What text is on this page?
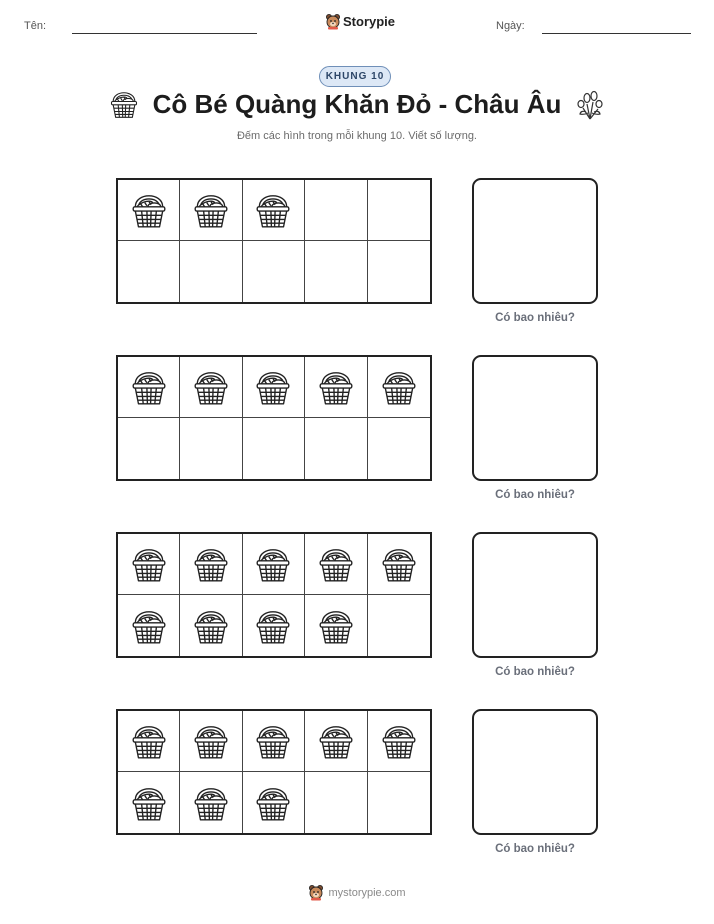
Tên:	Storypie	Ngày:
KHUNG 10
Cô Bé Quàng Khăn Đỏ - Châu Âu
Đếm các hình trong mỗi khung 10. Viết số lượng.
Có bao nhiêu?
Có bao nhiêu?
Có bao nhiêu?
Có bao nhiêu?
mystorypie.com
